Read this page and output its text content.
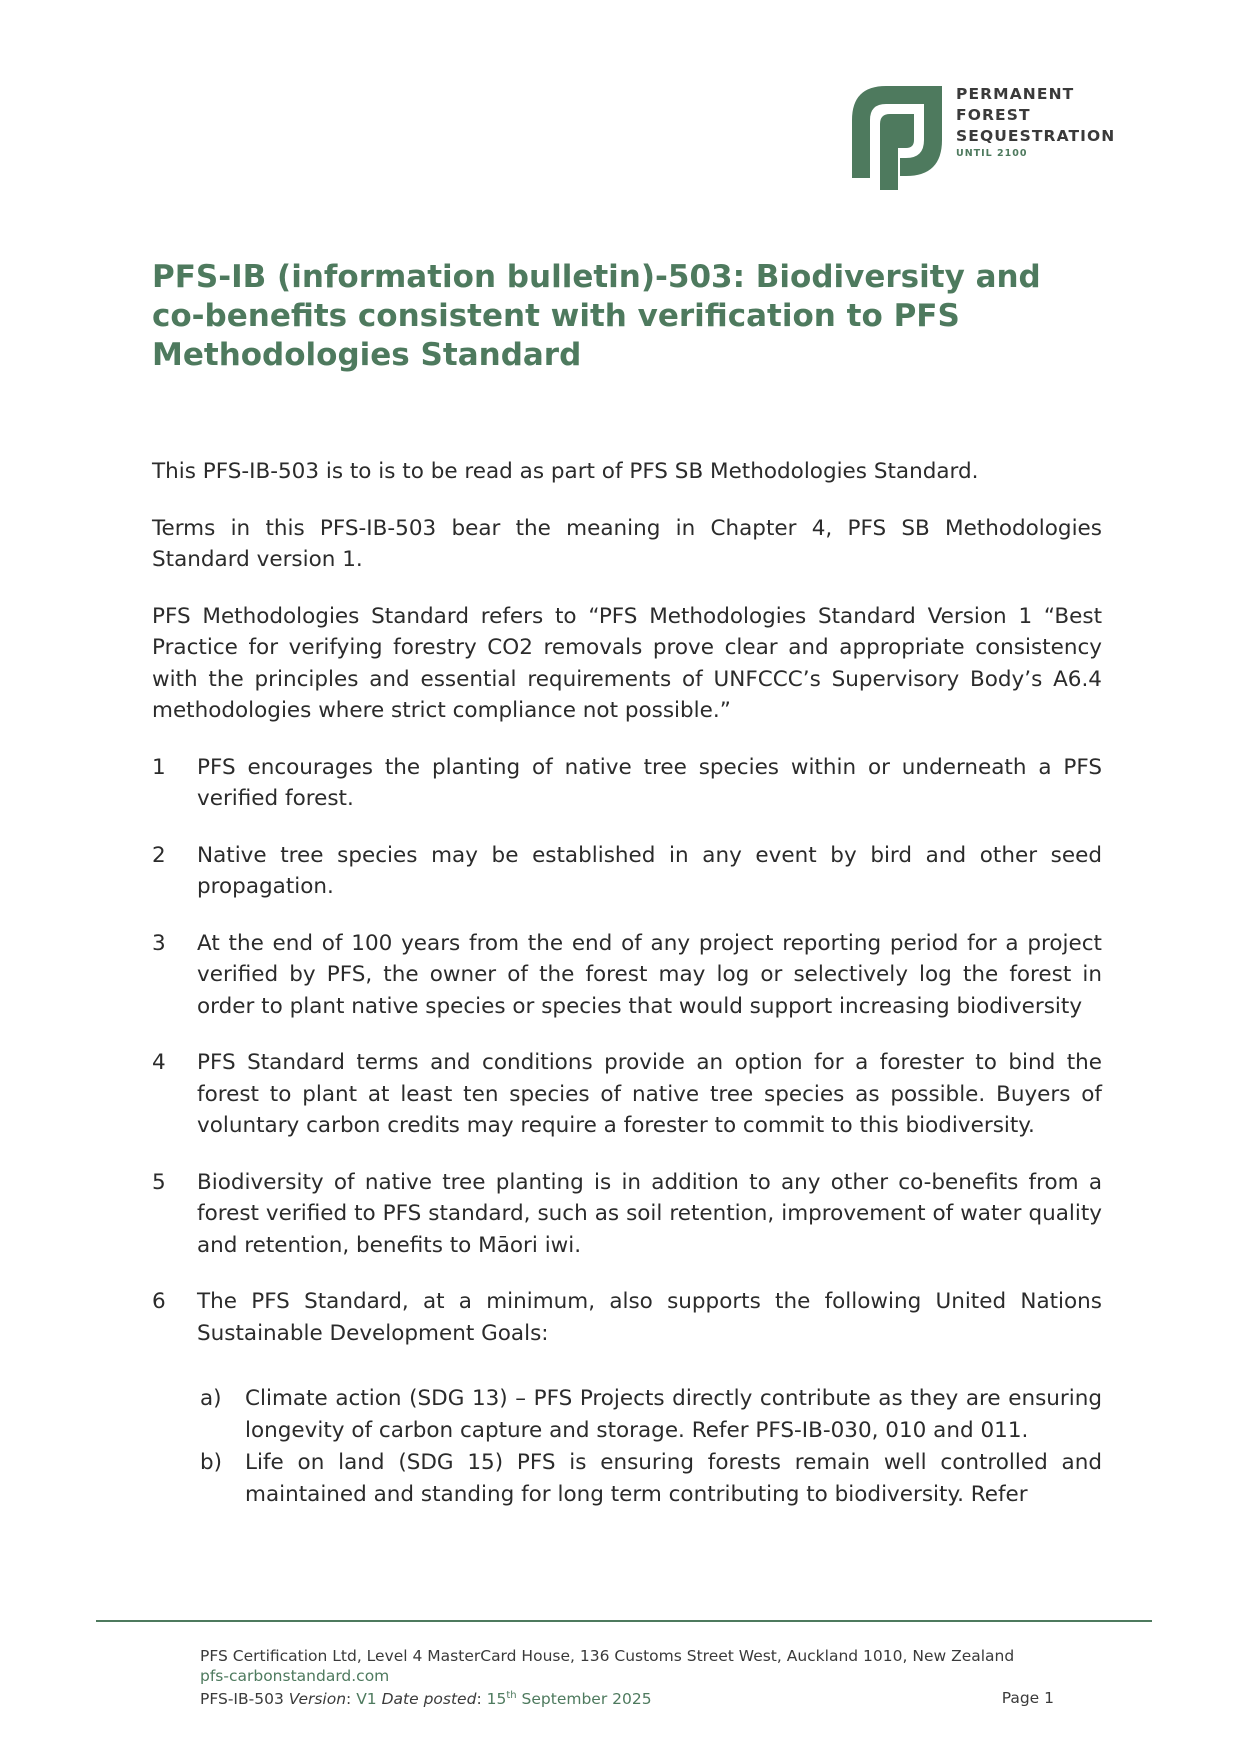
PERMANENT
FOREST
SEQUESTRATION
UNTIL 2100
PFS-IB (information bulletin)-503: Biodiversity and co-benefits consistent with verification to PFS Methodologies Standard

This PFS-IB-503 is to is to be read as part of PFS SB Methodologies Standard.

Terms in this PFS-IB-503 bear the meaning in Chapter 4, PFS SB Methodologies Standard version 1.

PFS Methodologies Standard refers to “PFS Methodologies Standard Version 1 “Best Practice for verifying forestry CO2 removals prove clear and appropriate consistency with the principles and essential requirements of UNFCCC’s Supervisory Body’s A6.4 methodologies where strict compliance not possible.”

1	PFS encourages the planting of native tree species within or underneath a PFS verified forest.
2	Native tree species may be established in any event by bird and other seed propagation.
3	At the end of 100 years from the end of any project reporting period for a project verified by PFS, the owner of the forest may log or selectively log the forest in order to plant native species or species that would support increasing biodiversity
4	PFS Standard terms and conditions provide an option for a forester to bind the forest to plant at least ten species of native tree species as possible. Buyers of voluntary carbon credits may require a forester to commit to this biodiversity.
5	Biodiversity of native tree planting is in addition to any other co-benefits from a forest verified to PFS standard, such as soil retention, improvement of water quality and retention, benefits to Māori iwi.
6	The PFS Standard, at a minimum, also supports the following United Nations Sustainable Development Goals:
a)	Climate action (SDG 13) – PFS Projects directly contribute as they are ensuring longevity of carbon capture and storage. Refer PFS-IB-030, 010 and 011.
b)	Life on land (SDG 15) PFS is ensuring forests remain well controlled and maintained and standing for long term contributing to biodiversity. Refer
PFS Certification Ltd, Level 4 MasterCard House, 136 Customs Street West, Auckland 1010, New Zealand
pfs-carbonstandard.com
PFS-IB-503 Version: V1 Date posted: 15th September 2025	Page 1
